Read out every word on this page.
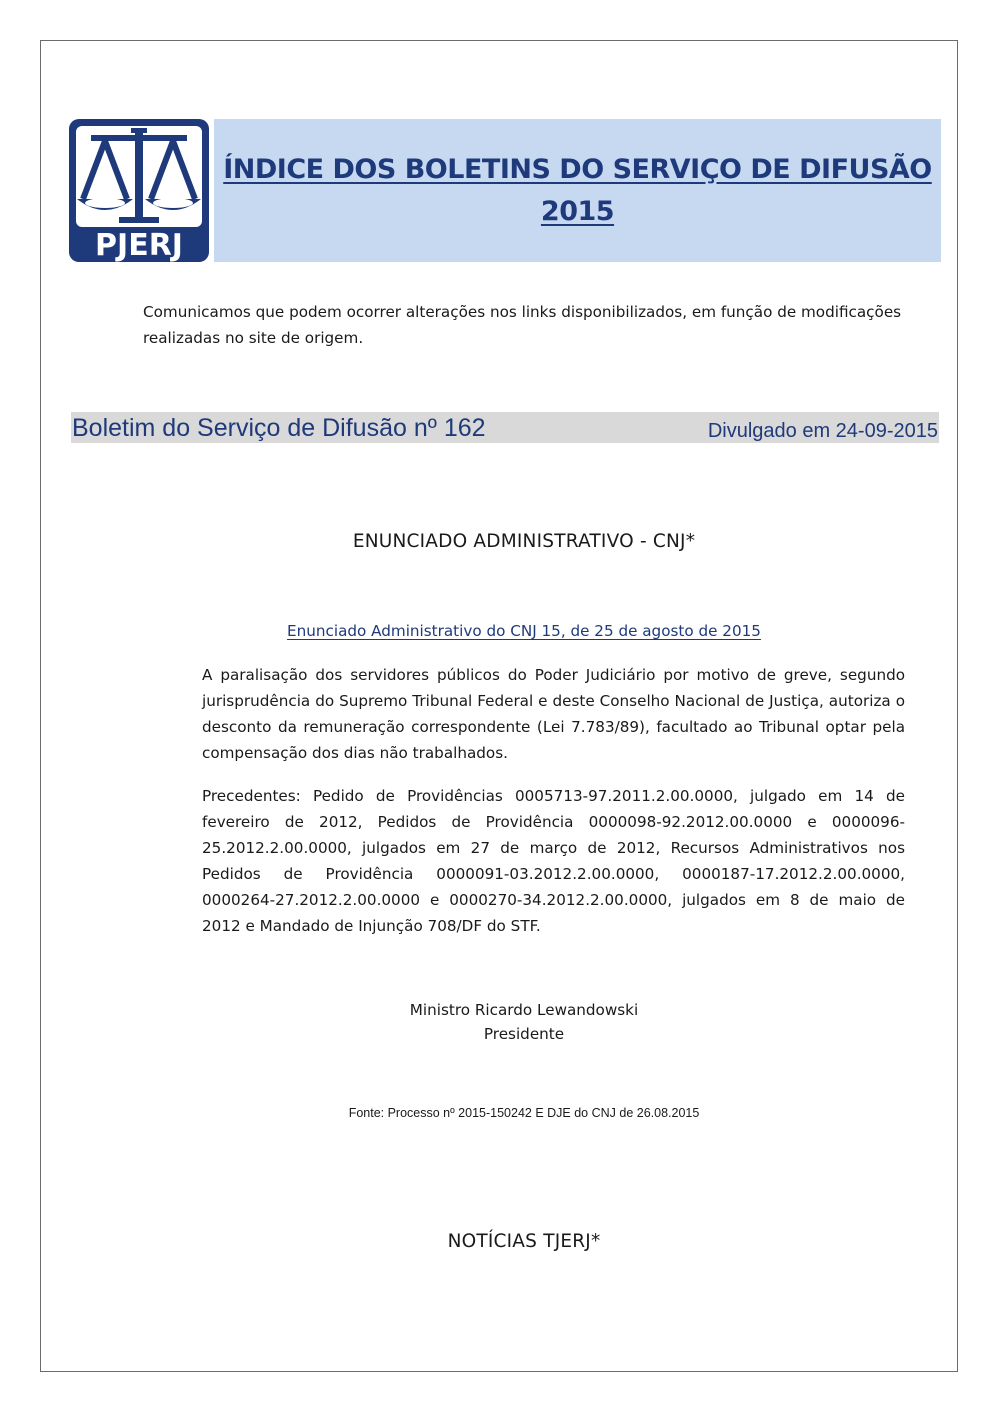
PJERJ
ÍNDICE DOS BOLETINS DO SERVIÇO DE DIFUSÃO
2015
Comunicamos que podem ocorrer alterações nos links disponibilizados, em função de modificações
realizadas no site de origem.
Boletim do Serviço de Difusão nº 162	Divulgado em 24-09-2015
ENUNCIADO ADMINISTRATIVO - CNJ*
Enunciado Administrativo do CNJ 15, de 25 de agosto de 2015
A paralisação dos servidores públicos do Poder Judiciário por motivo de greve, segundo jurisprudência do Supremo Tribunal Federal e deste Conselho Nacional de Justiça, autoriza o desconto da remuneração correspondente (Lei 7.783/89), facultado ao Tribunal optar pela compensação dos dias não trabalhados.
Precedentes: Pedido de Providências 0005713-97.2011.2.00.0000, julgado em 14 de fevereiro de 2012, Pedidos de Providência 0000098-92.2012.00.0000 e 0000096-25.2012.2.00.0000, julgados em 27 de março de 2012, Recursos Administrativos nos Pedidos de Providência 0000091-03.2012.2.00.0000, 0000187-17.2012.2.00.0000, 0000264-27.2012.2.00.0000 e 0000270-34.2012.2.00.0000, julgados em 8 de maio de 2012 e Mandado de Injunção 708/DF do STF.
Ministro Ricardo Lewandowski
Presidente
Fonte: Processo nº 2015-150242 E DJE do CNJ de 26.08.2015
NOTÍCIAS TJERJ*
